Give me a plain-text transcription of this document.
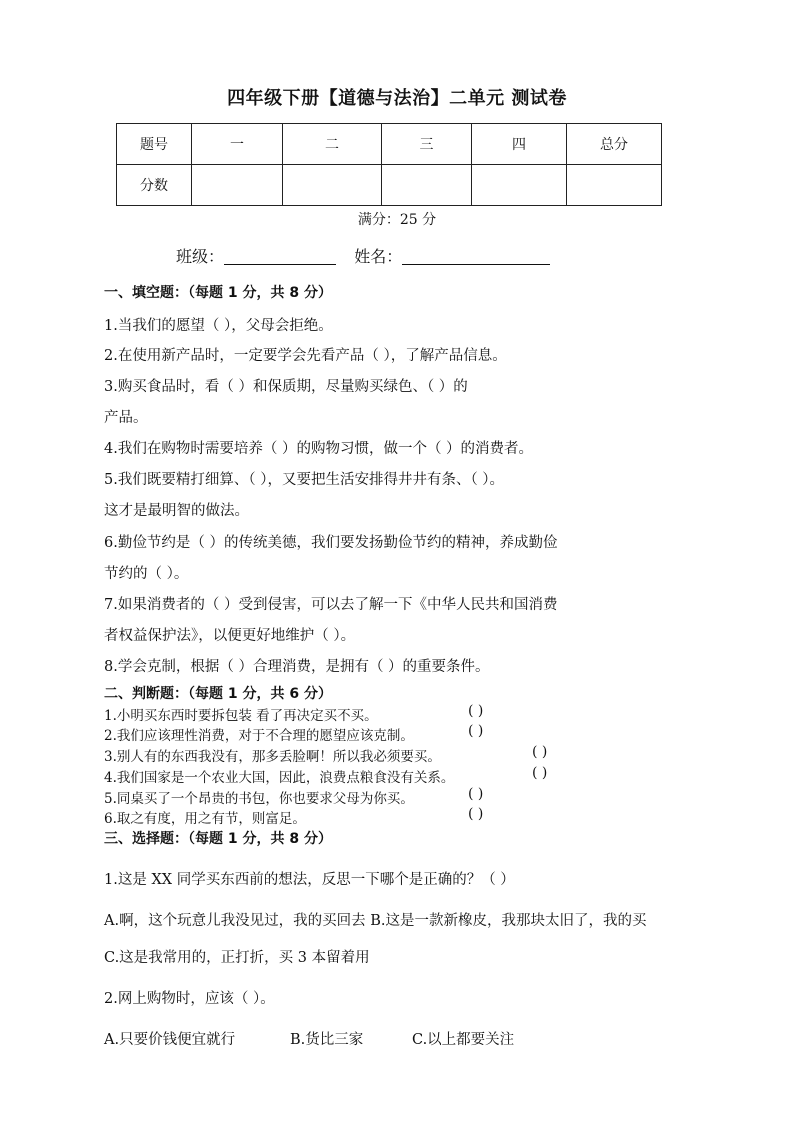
四年级下册【道德与法治】二单元 测试卷
题号	一	二	三	四	总分
分数					
满分：25 分
班级：	姓名：
一、填空题：（每题 1 分，共 8 分）
1.当我们的愿望（ ），父母会拒绝。
2.在使用新产品时，一定要学会先看产品（ ），了解产品信息。
3.购买食品时，看（ ）和保质期，尽量购买绿色、（ ）的
产品。
4.我们在购物时需要培养（ ）的购物习惯，做一个（ ）的消费者。
5.我们既要精打细算、（ ），又要把生活安排得井井有条、（ ）。
这才是最明智的做法。
6.勤俭节约是（ ）的传统美德，我们要发扬勤俭节约的精神，养成勤俭
节约的（ ）。
7.如果消费者的（ ）受到侵害，可以去了解一下《中华人民共和国消费
者权益保护法》，以便更好地维护（ ）。
8.学会克制，根据（ ）合理消费，是拥有（ ）的重要条件。
二、判断题：（每题 1 分，共 6 分）
1.小明买东西时要拆包装 看了再决定买不买。	( )
2.我们应该理性消费，对于不合理的愿望应该克制。	( )
3.别人有的东西我没有，那多丢脸啊！所以我必须要买。	( )
4.我们国家是一个农业大国，因此，浪费点粮食没有关系。	( )
5.同桌买了一个昂贵的书包，你也要求父母为你买。	( )
6.取之有度，用之有节，则富足。	( )
三、选择题：（每题 1 分，共 8 分）
1.这是 XX 同学买东西前的想法，反思一下哪个是正确的？（ ）
A.啊，这个玩意儿我没见过，我的买回去 B.这是一款新橡皮，我那块太旧了，我的买
C.这是我常用的，正打折，买 3 本留着用
2.网上购物时，应该（ ）。
A.只要价钱便宜就行	B.货比三家	C.以上都要关注
